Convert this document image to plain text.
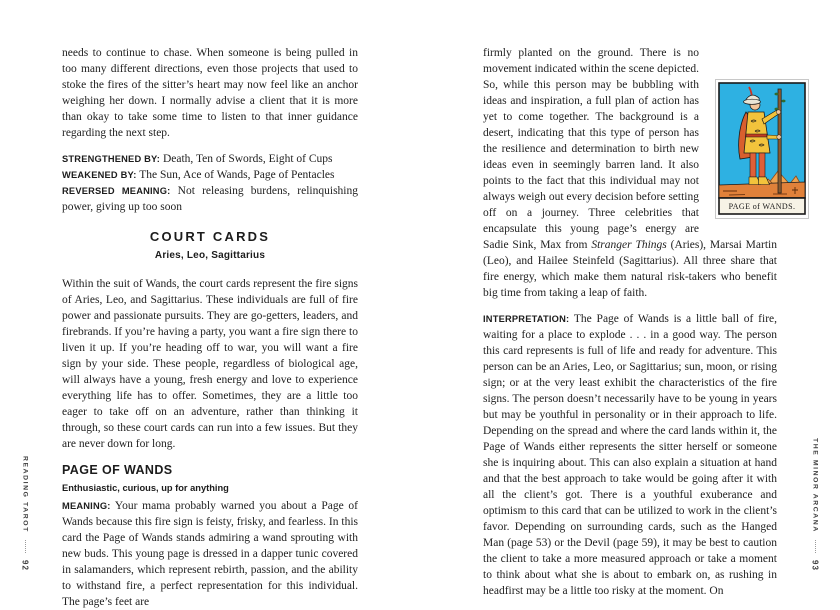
READING TAROT
92

needs to continue to chase. When someone is being pulled in too many different directions, even those projects that used to stoke the fires of the sitter’s heart may now feel like an anchor weighing her down. I normally advise a client that it is more than okay to take some time to listen to that inner guidance regarding the next step.

STRENGTHENED BY: Death, Ten of Swords, Eight of Cups

WEAKENED BY: The Sun, Ace of Wands, Page of Pentacles

REVERSED MEANING: Not releasing burdens, relinquishing power, giving up too soon

COURT CARDS
Aries, Leo, Sagittarius

Within the suit of Wands, the court cards represent the fire signs of Aries, Leo, and Sagittarius. These individuals are full of fire power and passionate pursuits. They are go-getters, leaders, and firebrands. If you’re having a party, you want a fire sign there to liven it up. If you’re heading off to war, you will want a fire sign by your side. These people, regardless of biological age, will always have a young, fresh energy and love to experience everything life has to offer. Sometimes, they are a little too eager to take off on an adventure, rather than thinking it through, so these court cards can run into a few issues. But they are never down for long.

PAGE OF WANDS

Enthusiastic, curious, up for anything

MEANING: Your mama probably warned you about a Page of Wands because this fire sign is feisty, frisky, and fearless. In this card the Page of Wands stands admiring a wand sprouting with new buds. This young page is dressed in a dapper tunic covered in salamanders, which represent rebirth, passion, and the ability to withstand fire, a perfect representation for this individual. The page’s feet are

PAGE of WANDS.
firmly planted on the ground. There is no movement indicated within the scene depicted. So, while this person may be bubbling with ideas and inspiration, a full plan of action has yet to come together. The background is a desert, indicating that this type of person has the resilience and determination to birth new ideas even in seemingly barren land. It also points to the fact that this individual may not always weigh out every decision before setting off on a journey. Three celebrities that encapsulate this young page’s energy are Sadie Sink, Max from Stranger Things (Aries), Marsai Martin (Leo), and Hailee Steinfeld (Sagittarius). All three share that fire energy, which make them natural risk-takers who benefit big time from taking a leap of faith.

INTERPRETATION: The Page of Wands is a little ball of fire, waiting for a place to explode . . . in a good way. The person this card represents is full of life and ready for adventure. This person can be an Aries, Leo, or Sagittarius; sun, moon, or rising sign; or at the very least exhibit the characteristics of the fire signs. The person doesn’t necessarily have to be young in years but may be youthful in personality or in their approach to life. Depending on the spread and where the card lands within it, the Page of Wands either represents the sitter herself or someone she is inquiring about. This can also explain a situation at hand and that the best approach to take would be going after it with all the client’s got. There is a youthful exuberance and optimism to this card that can be utilized to work in the client’s favor. Depending on surrounding cards, such as the Hanged Man (page 53) or the Devil (page 59), it may be best to caution the client to take a more measured approach or take a moment to think about what she is about to embark on, as rushing in headfirst may be a little too risky at the moment. On

THE MINOR ARCANA
93
